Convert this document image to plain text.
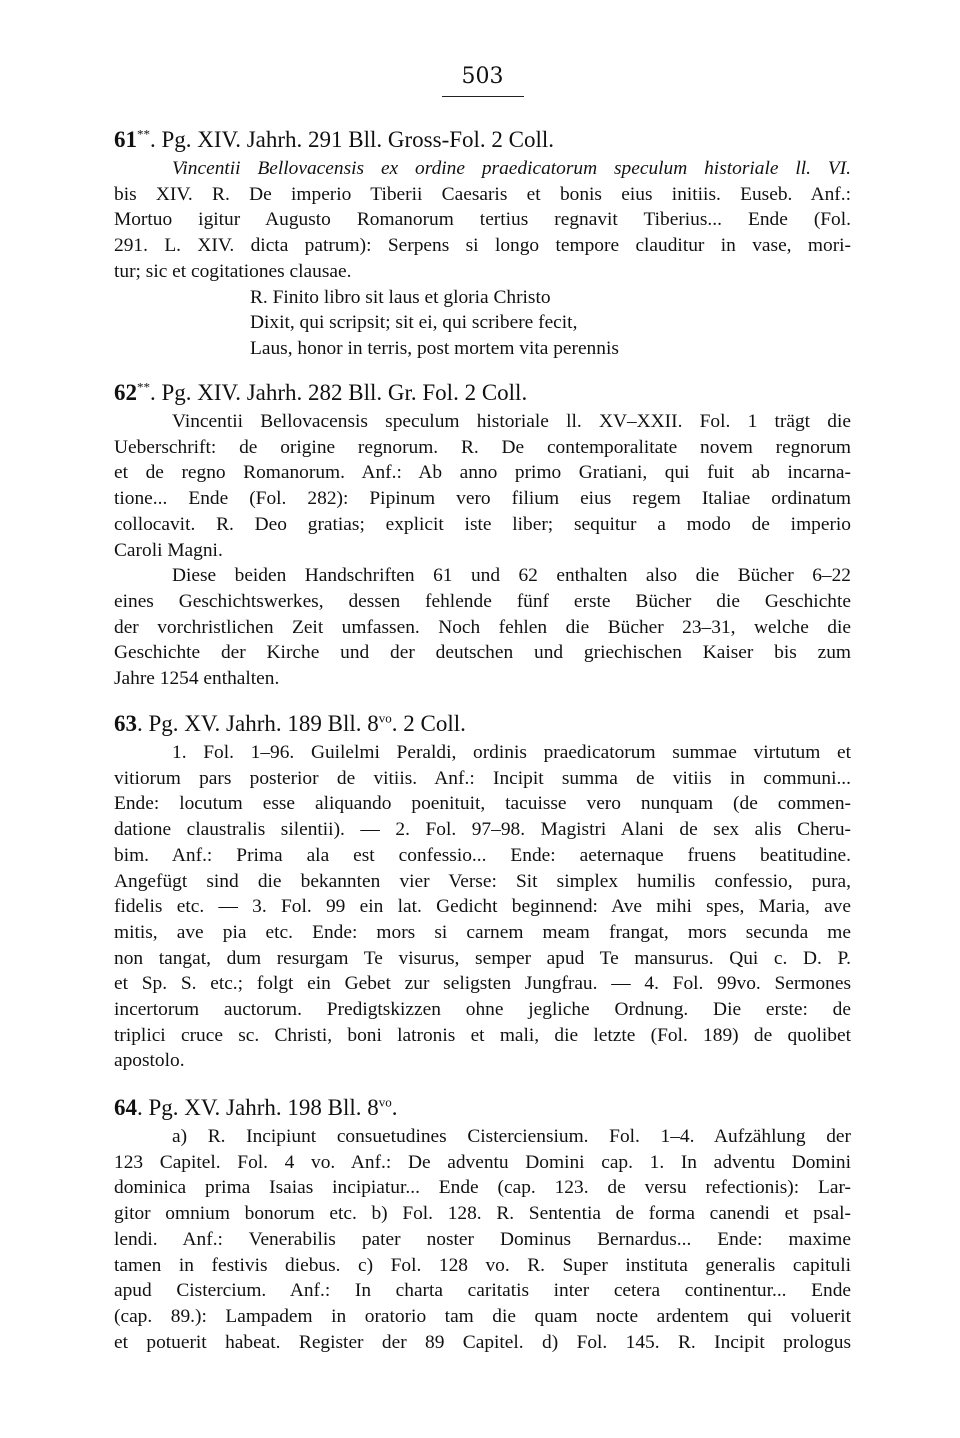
503
61**. Pg. XIV. Jahrh. 291 Bll. Gross-Fol. 2 Coll.
Vincentii Bellovacensis ex ordine praedicatorum speculum historiale ll. VI.
bis XIV. R. De imperio Tiberii Caesaris et bonis eius initiis. Euseb. Anf.:
Mortuo igitur Augusto Romanorum tertius regnavit Tiberius... Ende (Fol.
291. L. XIV. dicta patrum): Serpens si longo tempore clauditur in vase, mori-
tur; sic et cogitationes clausae.
R. Finito libro sit laus et gloria Christo
Dixit, qui scripsit; sit ei, qui scribere fecit,
Laus, honor in terris, post mortem vita perennis
62**. Pg. XIV. Jahrh. 282 Bll. Gr. Fol. 2 Coll.
Vincentii Bellovacensis speculum historiale ll. XV–XXII. Fol. 1 trägt die
Ueberschrift: de origine regnorum. R. De contemporalitate novem regnorum
et de regno Romanorum. Anf.: Ab anno primo Gratiani, qui fuit ab incarna-
tione... Ende (Fol. 282): Pipinum vero filium eius regem Italiae ordinatum
collocavit. R. Deo gratias; explicit iste liber; sequitur a modo de imperio
Caroli Magni.
Diese beiden Handschriften 61 und 62 enthalten also die Bücher 6–22
eines Geschichtswerkes, dessen fehlende fünf erste Bücher die Geschichte
der vorchristlichen Zeit umfassen. Noch fehlen die Bücher 23–31, welche die
Geschichte der Kirche und der deutschen und griechischen Kaiser bis zum
Jahre 1254 enthalten.
63. Pg. XV. Jahrh. 189 Bll. $8^{vo}$. 2 Coll.
1. Fol. 1–96. Guilelmi Peraldi, ordinis praedicatorum summae virtutum et
vitiorum pars posterior de vitiis. Anf.: Incipit summa de vitiis in communi...
Ende: locutum esse aliquando poenituit, tacuisse vero nunquam (de commen-
datione claustralis silentii). — 2. Fol. 97–98. Magistri Alani de sex alis Cheru-
bim. Anf.: Prima ala est confessio... Ende: aeternaque fruens beatitudine.
Angefügt sind die bekannten vier Verse: Sit simplex humilis confessio, pura,
fidelis etc. — 3. Fol. 99 ein lat. Gedicht beginnend: Ave mihi spes, Maria, ave
mitis, ave pia etc. Ende: mors si carnem meam frangat, mors secunda me
non tangat, dum resurgam Te visurus, semper apud Te mansurus. Qui c. D. P.
et Sp. S. etc.; folgt ein Gebet zur seligsten Jungfrau. — 4. Fol. 99vo. Sermones
incertorum auctorum. Predigtskizzen ohne jegliche Ordnung. Die erste: de
triplici cruce sc. Christi, boni latronis et mali, die letzte (Fol. 189) de quolibet
apostolo.
64. Pg. XV. Jahrh. 198 Bll. $8^{vo}$.
a) R. Incipiunt consuetudines Cisterciensium. Fol. 1–4. Aufzählung der
123 Capitel. Fol. 4 vo. Anf.: De adventu Domini cap. 1. In adventu Domini
dominica prima Isaias incipiatur... Ende (cap. 123. de versu refectionis): Lar-
gitor omnium bonorum etc. b) Fol. 128. R. Sententia de forma canendi et psal-
lendi. Anf.: Venerabilis pater noster Dominus Bernardus... Ende: maxime
tamen in festivis diebus. c) Fol. 128 vo. R. Super instituta generalis capituli
apud Cistercium. Anf.: In charta caritatis inter cetera continentur... Ende
(cap. 89.): Lampadem in oratorio tam die quam nocte ardentem qui voluerit
et potuerit habeat. Register der 89 Capitel. d) Fol. 145. R. Incipit prologus
